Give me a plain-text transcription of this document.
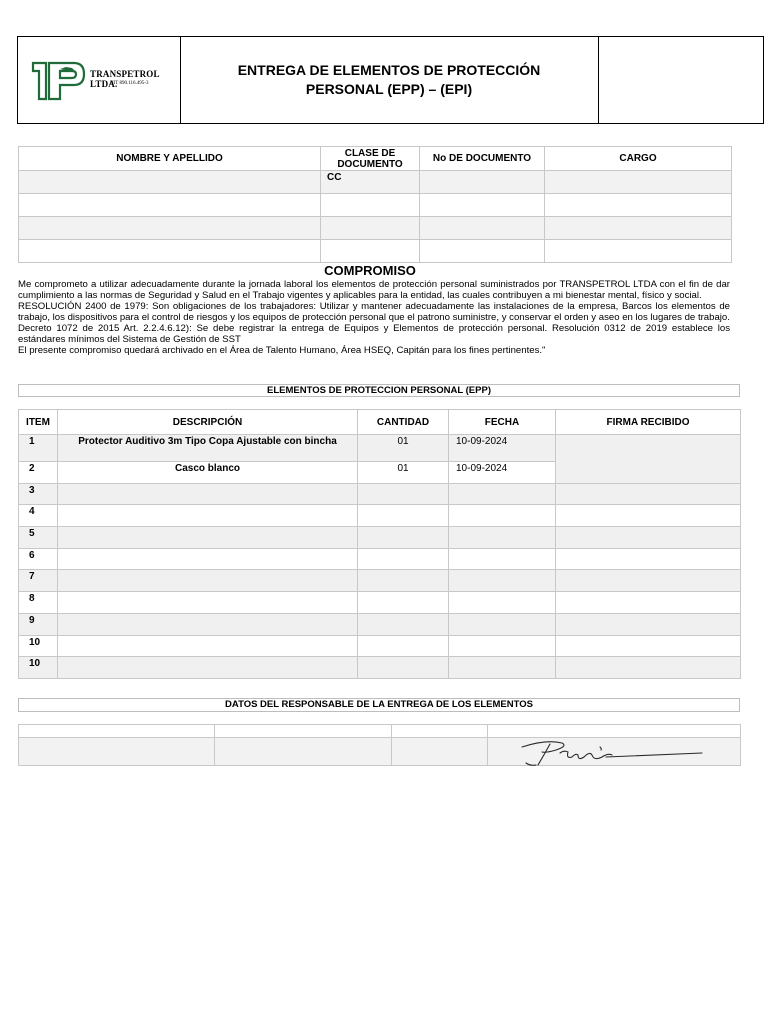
TRANSPETROL LTDA.
NIT 890.116.495-3
ENTREGA DE ELEMENTOS DE PROTECCIÓN PERSONAL (EPP) – (EPI)
NOMBRE Y APELLIDO	CLASE DE DOCUMENTO	No DE DOCUMENTO	CARGO
	CC		

COMPROMISO

Me comprometo a utilizar adecuadamente durante la jornada laboral los elementos de protección personal suministrados por TRANSPETROL LTDA con el fin de dar cumplimiento a las normas de Seguridad y Salud en el Trabajo vigentes y aplicables para la entidad, las cuales contribuyen a mi bienestar mental, físico y social.

RESOLUCIÓN 2400 de 1979: Son obligaciones de los trabajadores: Utilizar y mantener adecuadamente las instalaciones de la empresa, Barcos los elementos de trabajo, los dispositivos para el control de riesgos y los equipos de protección personal que el patrono suministre, y conservar el orden y aseo en los lugares de trabajo.

Decreto 1072 de 2015 Art. 2.2.4.6.12): Se debe registrar la entrega de Equipos y Elementos de protección personal. Resolución 0312 de 2019 establece los estándares mínimos del Sistema de Gestión de SST

El presente compromiso quedará archivado en el Área de Talento Humano, Área HSEQ, Capitán para los fines pertinentes."

ELEMENTOS DE PROTECCION PERSONAL (EPP)
ITEM	DESCRIPCIÓN	CANTIDAD	FECHA	FIRMA RECIBIDO
1	Protector Auditivo 3m Tipo Copa Ajustable con bincha	01	10-09-2024	
2	Casco blanco	01	10-09-2024	
3				
4				
5				
6				
7				
8				
9				
10				
10				
DATOS DEL RESPONSABLE DE LA ENTREGA DE LOS ELEMENTOS
